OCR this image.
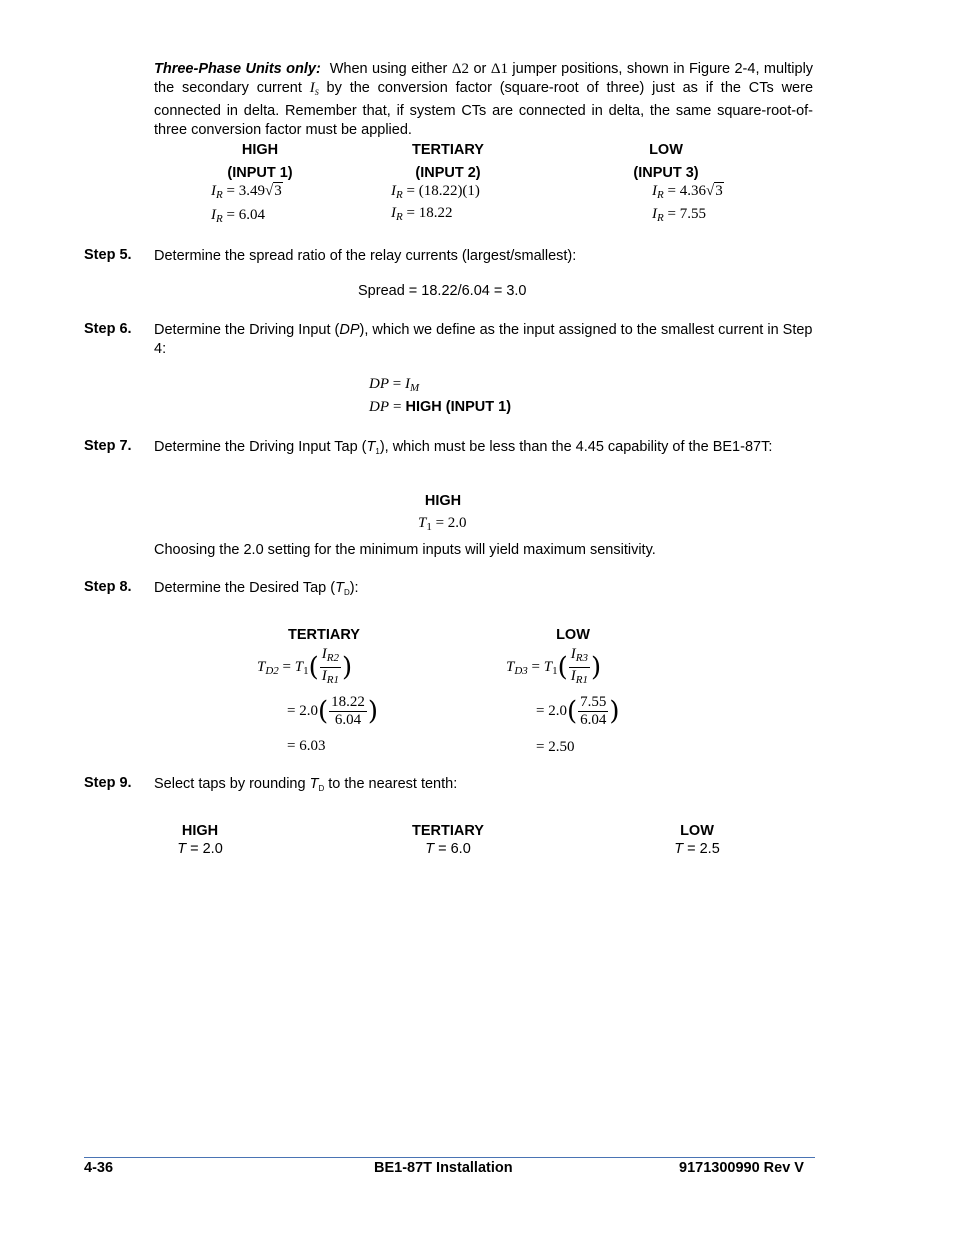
Three-Phase Units only: When using either Δ2 or Δ1 jumper positions, shown in Figure 2-4, multiply the secondary current $I_S$ by the conversion factor (square-root of three) just as if the CTs were connected in delta. Remember that, if system CTs are connected in delta, the same square-root-of-three conversion factor must be applied.
HIGH
(INPUT 1)
TERTIARY
(INPUT 2)
LOW
(INPUT 3)
$I_R = 3.49√3$
$I_R = 6.04$
$I_R = (18.22)(1)$
$I_R = 18.22$
$I_R = 4.36√3$
$I_R = 7.55$
Step 5. Determine the spread ratio of the relay currents (largest/smallest):
Spread = 18.22/6.04 = 3.0
Step 6. Determine the Driving Input (DP), which we define as the input assigned to the smallest current in Step 4:
DP = $I_M$
DP = HIGH (INPUT 1)
Step 7. Determine the Driving Input Tap $(T_1)$, which must be less than the 4.45 capability of the BE1-87T:
HIGH
$T_1 = 2.0$
Choosing the 2.0 setting for the minimum inputs will yield maximum sensitivity.
Step 8. Determine the Desired Tap $(T_D)$:
TERTIARY
$T_{D2} = T_1( \frac{I_{R2}}{I_{R1}}$ )
= $2.0( \frac{18.22}{6.04}$ )
= 6.03
LOW
$T_{D3} = T_1( \frac{I_{R3}}{I_{R1}}$ )
= $2.0( \frac{7.55}{6.04}$ )
= 2.50
Step 9. Select taps by rounding $T_D$ to the nearest tenth:
HIGH
T = 2.0
TERTIARY
T = 6.0
LOW
T = 2.5
4-36	BE1-87T Installation	9171300990 Rev V
